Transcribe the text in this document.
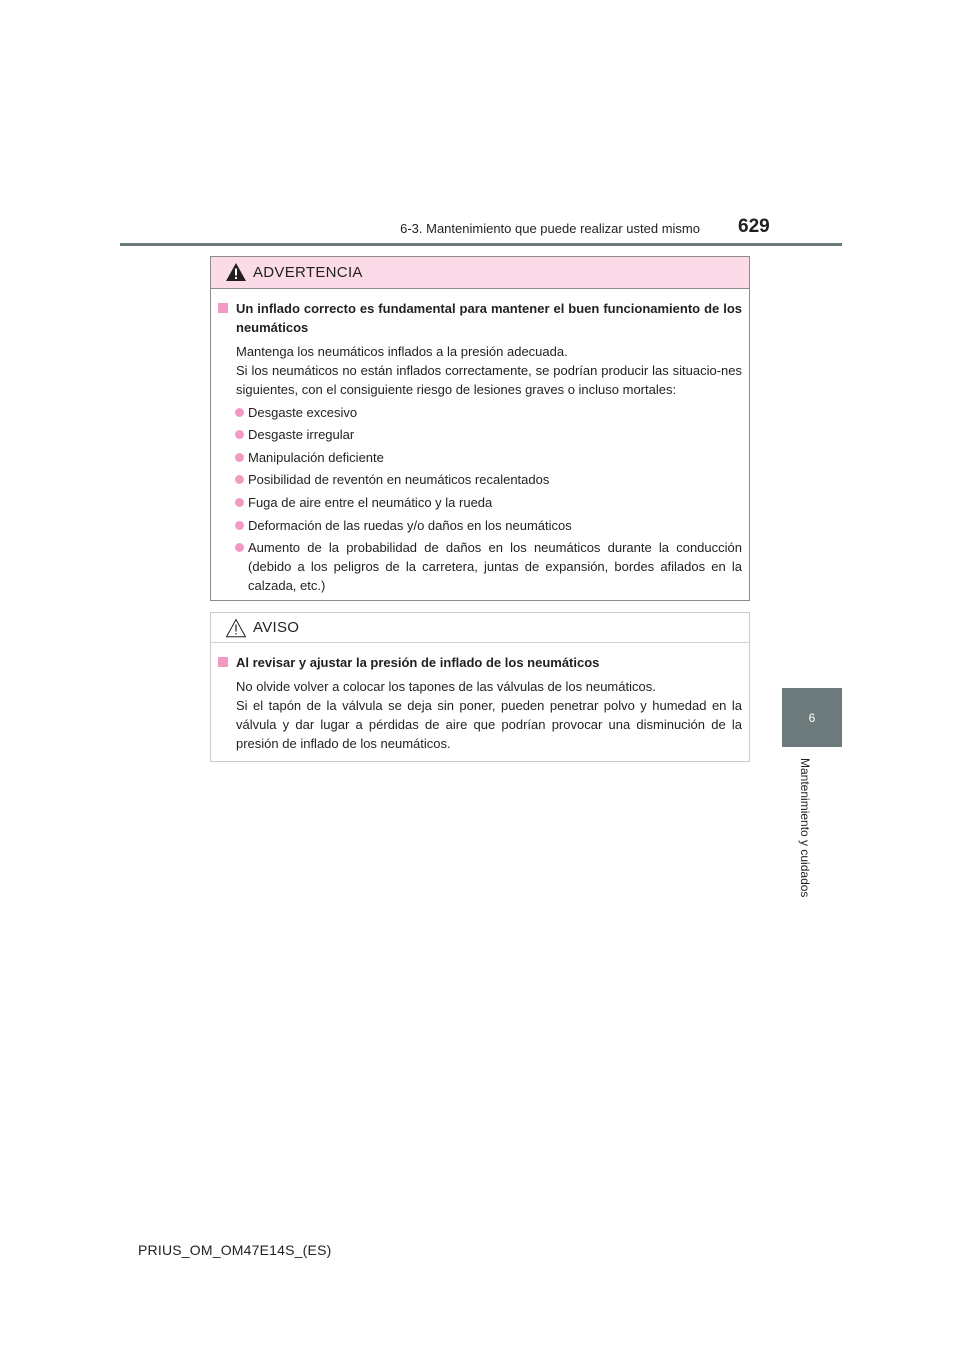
6-3. Mantenimiento que puede realizar usted mismo 629
6
Mantenimiento y cuidados
ADVERTENCIA
Un inflado correcto es fundamental para mantener el buen funcionamiento de los neumáticos
Mantenga los neumáticos inflados a la presión adecuada.
Si los neumáticos no están inflados correctamente, se podrían producir las situacio-nes siguientes, con el consiguiente riesgo de lesiones graves o incluso mortales:
Desgaste excesivo
Desgaste irregular
Manipulación deficiente
Posibilidad de reventón en neumáticos recalentados
Fuga de aire entre el neumático y la rueda
Deformación de las ruedas y/o daños en los neumáticos
Aumento de la probabilidad de daños en los neumáticos durante la conducción (debido a los peligros de la carretera, juntas de expansión, bordes afilados en la calzada, etc.)
AVISO
Al revisar y ajustar la presión de inflado de los neumáticos
No olvide volver a colocar los tapones de las válvulas de los neumáticos.
Si el tapón de la válvula se deja sin poner, pueden penetrar polvo y humedad en la válvula y dar lugar a pérdidas de aire que podrían provocar una disminución de la presión de inflado de los neumáticos.
PRIUS_OM_OM47E14S_(ES)
